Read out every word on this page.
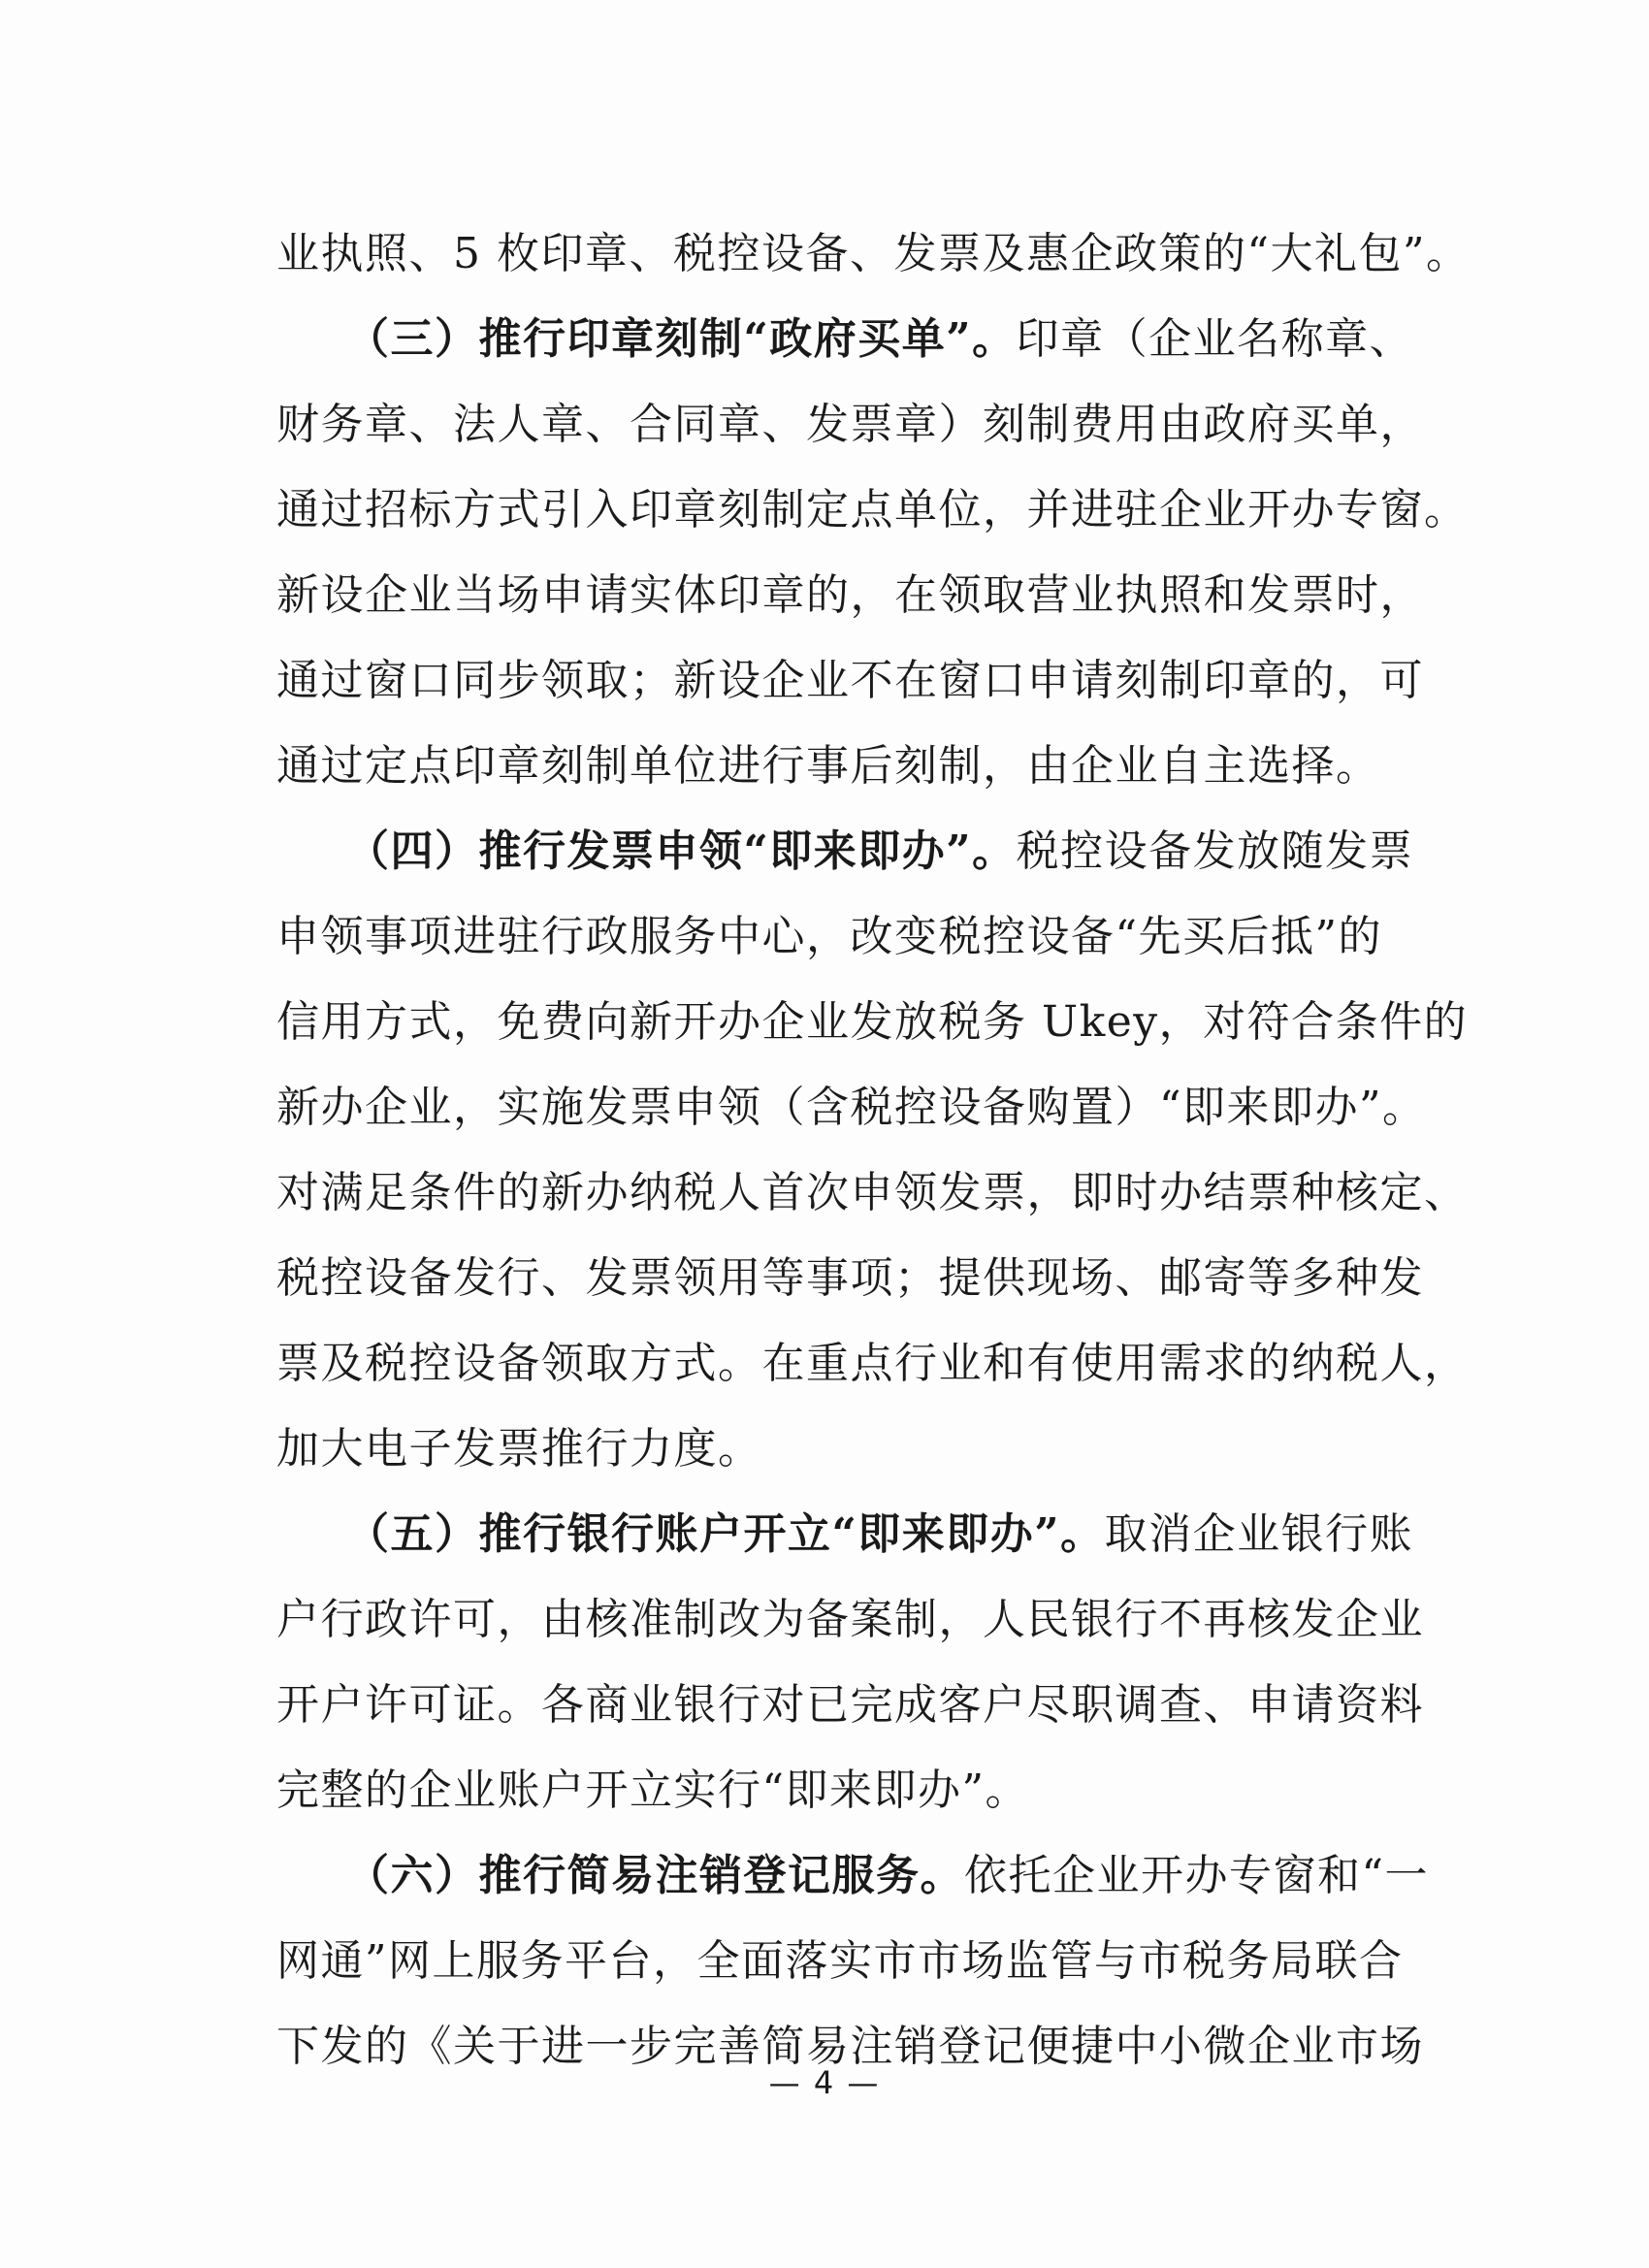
业执照、5 枚印章、税控设备、发票及惠企政策的“大礼包”。
（三）推行印章刻制“政府买单”。印章（企业名称章、
财务章、法人章、合同章、发票章）刻制费用由政府买单，
通过招标方式引入印章刻制定点单位，并进驻企业开办专窗。
新设企业当场申请实体印章的，在领取营业执照和发票时，
通过窗口同步领取；新设企业不在窗口申请刻制印章的，可
通过定点印章刻制单位进行事后刻制，由企业自主选择。
（四）推行发票申领“即来即办”。税控设备发放随发票
申领事项进驻行政服务中心，改变税控设备“先买后抵”的
信用方式，免费向新开办企业发放税务 Ukey，对符合条件的
新办企业，实施发票申领（含税控设备购置）“即来即办”。
对满足条件的新办纳税人首次申领发票，即时办结票种核定、
税控设备发行、发票领用等事项；提供现场、邮寄等多种发
票及税控设备领取方式。在重点行业和有使用需求的纳税人，
加大电子发票推行力度。
（五）推行银行账户开立“即来即办”。取消企业银行账
户行政许可，由核准制改为备案制，人民银行不再核发企业
开户许可证。各商业银行对已完成客户尽职调查、申请资料
完整的企业账户开立实行“即来即办”。
（六）推行简易注销登记服务。依托企业开办专窗和“一
网通”网上服务平台，全面落实市市场监管与市税务局联合
下发的《关于进一步完善简易注销登记便捷中小微企业市场
— 4 —
